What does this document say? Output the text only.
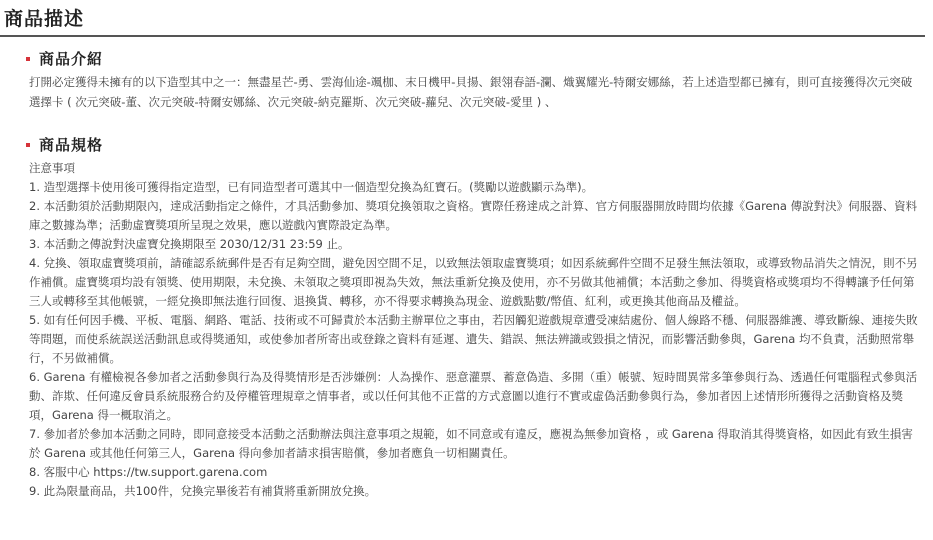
商品描述
商品介紹
打開必定獲得未擁有的以下造型其中之一：無盡星芒-勇、雲海仙途-颯枷、末日機甲-貝揚、銀翎春語-瀾、熾翼耀光-特爾安娜絲，若上述造型都已擁有，則可直接獲得次元突破 選擇卡 ( 次元突破-董、次元突破-特爾安娜絲、次元突破-納克羅斯、次元突破-蘿兒、次元突破-愛里 ) 、
商品規格

注意事項

1. 造型選擇卡使用後可獲得指定造型，已有同造型者可選其中一個造型兌換為紅寶石。(獎勵以遊戲顯示為準)。

2. 本活動須於活動期限內，達成活動指定之條件，才具活動參加、獎項兌換領取之資格。實際任務達成之計算、官方伺服器開放時間均依據《Garena 傳說對決》伺服器、資料庫之數據為準；活動虛寶獎項所呈現之效果，應以遊戲內實際設定為準。

3. 本活動之傳說對決虛寶兌換期限至 2030/12/31 23:59 止。

4. 兌換、領取虛寶獎項前，請確認系統郵件是否有足夠空間，避免因空間不足，以致無法領取虛寶獎項；如因系統郵件空間不足發生無法領取，或導致物品消失之情況，則不另作補償。虛寶獎項均設有領獎、使用期限，未兌換、未領取之獎項即視為失效，無法重新兌換及使用，亦不另做其他補償；本活動之參加、得獎資格或獎項均不得轉讓予任何第三人或轉移至其他帳號，一經兌換即無法進行回復、退換貨、轉移，亦不得要求轉換為現金、遊戲點數/幣值、紅利，或更換其他商品及權益。

5. 如有任何因手機、平板、電腦、網路、電話、技術或不可歸責於本活動主辦單位之事由，若因觸犯遊戲規章遭受凍結處份、個人線路不穩、伺服器維護、導致斷線、連接失敗等問題，而使系統誤送活動訊息或得獎通知，或使參加者所寄出或登錄之資料有延遲、遺失、錯誤、無法辨識或毀損之情況，而影響活動參與，Garena 均不負責，活動照常舉行，不另做補償。

6. Garena 有權檢視各參加者之活動參與行為及得獎情形是否涉嫌例：人為操作、惡意灌票、蓄意偽造、多開（重）帳號、短時間異常多筆參與行為、透過任何電腦程式參與活動、詐欺、任何違反會員系統服務合約及停權管理規章之情事者，或以任何其他不正當的方式意圖以進行不實或虛偽活動參與行為，參加者因上述情形所獲得之活動資格及獎項，Garena 得一概取消之。

7. 參加者於參加本活動之同時，即同意接受本活動之活動辦法與注意事項之規範，如不同意或有違反，應視為無參加資格 ，或 Garena 得取消其得獎資格，如因此有致生損害於 Garena 或其他任何第三人，Garena 得向參加者請求損害賠償，參加者應負一切相關責任。

8. 客服中心 https://tw.support.garena.com

9. 此為限量商品，共100件，兌換完畢後若有補貨將重新開放兌換。
